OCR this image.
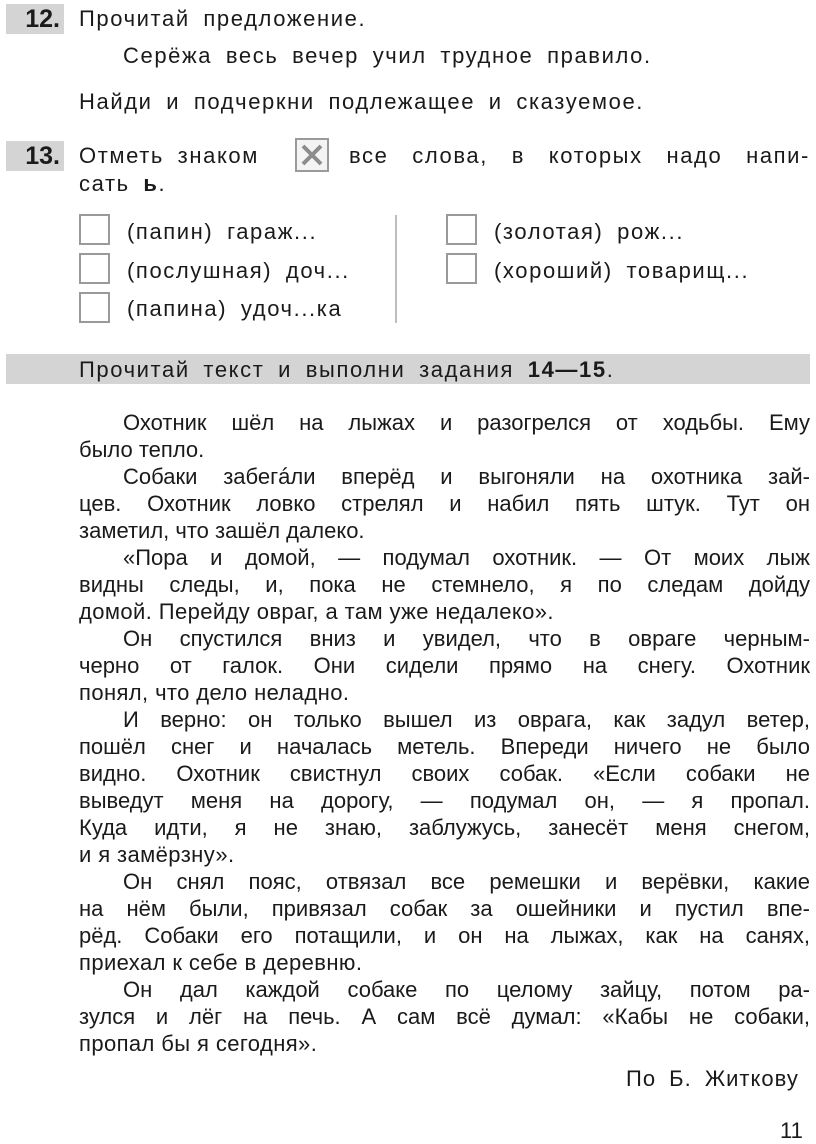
12. Прочитай предложение.
Серёжа весь вечер учил трудное правило.
Найди и подчеркни подлежащее и сказуемое.
13. Отметь знаком	все слова, в которых надо напи-
сать ь.
(папин) гараж...
(послушная) доч...
(папина) удоч...ка
(золотая) рож...
(хороший) товарищ...
Прочитай текст и выполни задания 14—15.
Охотник шёл на лыжах и разогрелся от ходьбы. Ему
было тепло.
Собаки забегáли вперёд и выгоняли на охотника зай-
цев. Охотник ловко стрелял и набил пять штук. Тут он
заметил, что зашёл далеко.
«Пора и домой, — подумал охотник. — От моих лыж
видны следы, и, пока не стемнело, я по следам дойду
домой. Перейду овраг, а там уже недалеко».
Он спустился вниз и увидел, что в овраге черным-
черно от галок. Они сидели прямо на снегу. Охотник
понял, что дело неладно.
И верно: он только вышел из оврага, как задул ветер,
пошёл снег и началась метель. Впереди ничего не было
видно. Охотник свистнул своих собак. «Если собаки не
выведут меня на дорогу, — подумал он, — я пропал.
Куда идти, я не знаю, заблужусь, занесёт меня снегом,
и я замёрзну».
Он снял пояс, отвязал все ремешки и верёвки, какие
на нём были, привязал собак за ошейники и пустил впе-
рёд. Собаки его потащили, и он на лыжах, как на санях,
приехал к себе в деревню.
Он дал каждой собаке по целому зайцу, потом ра-
зулся и лёг на печь. А сам всё думал: «Кабы не собаки,
пропал бы я сегодня».
По Б. Житкову
11
